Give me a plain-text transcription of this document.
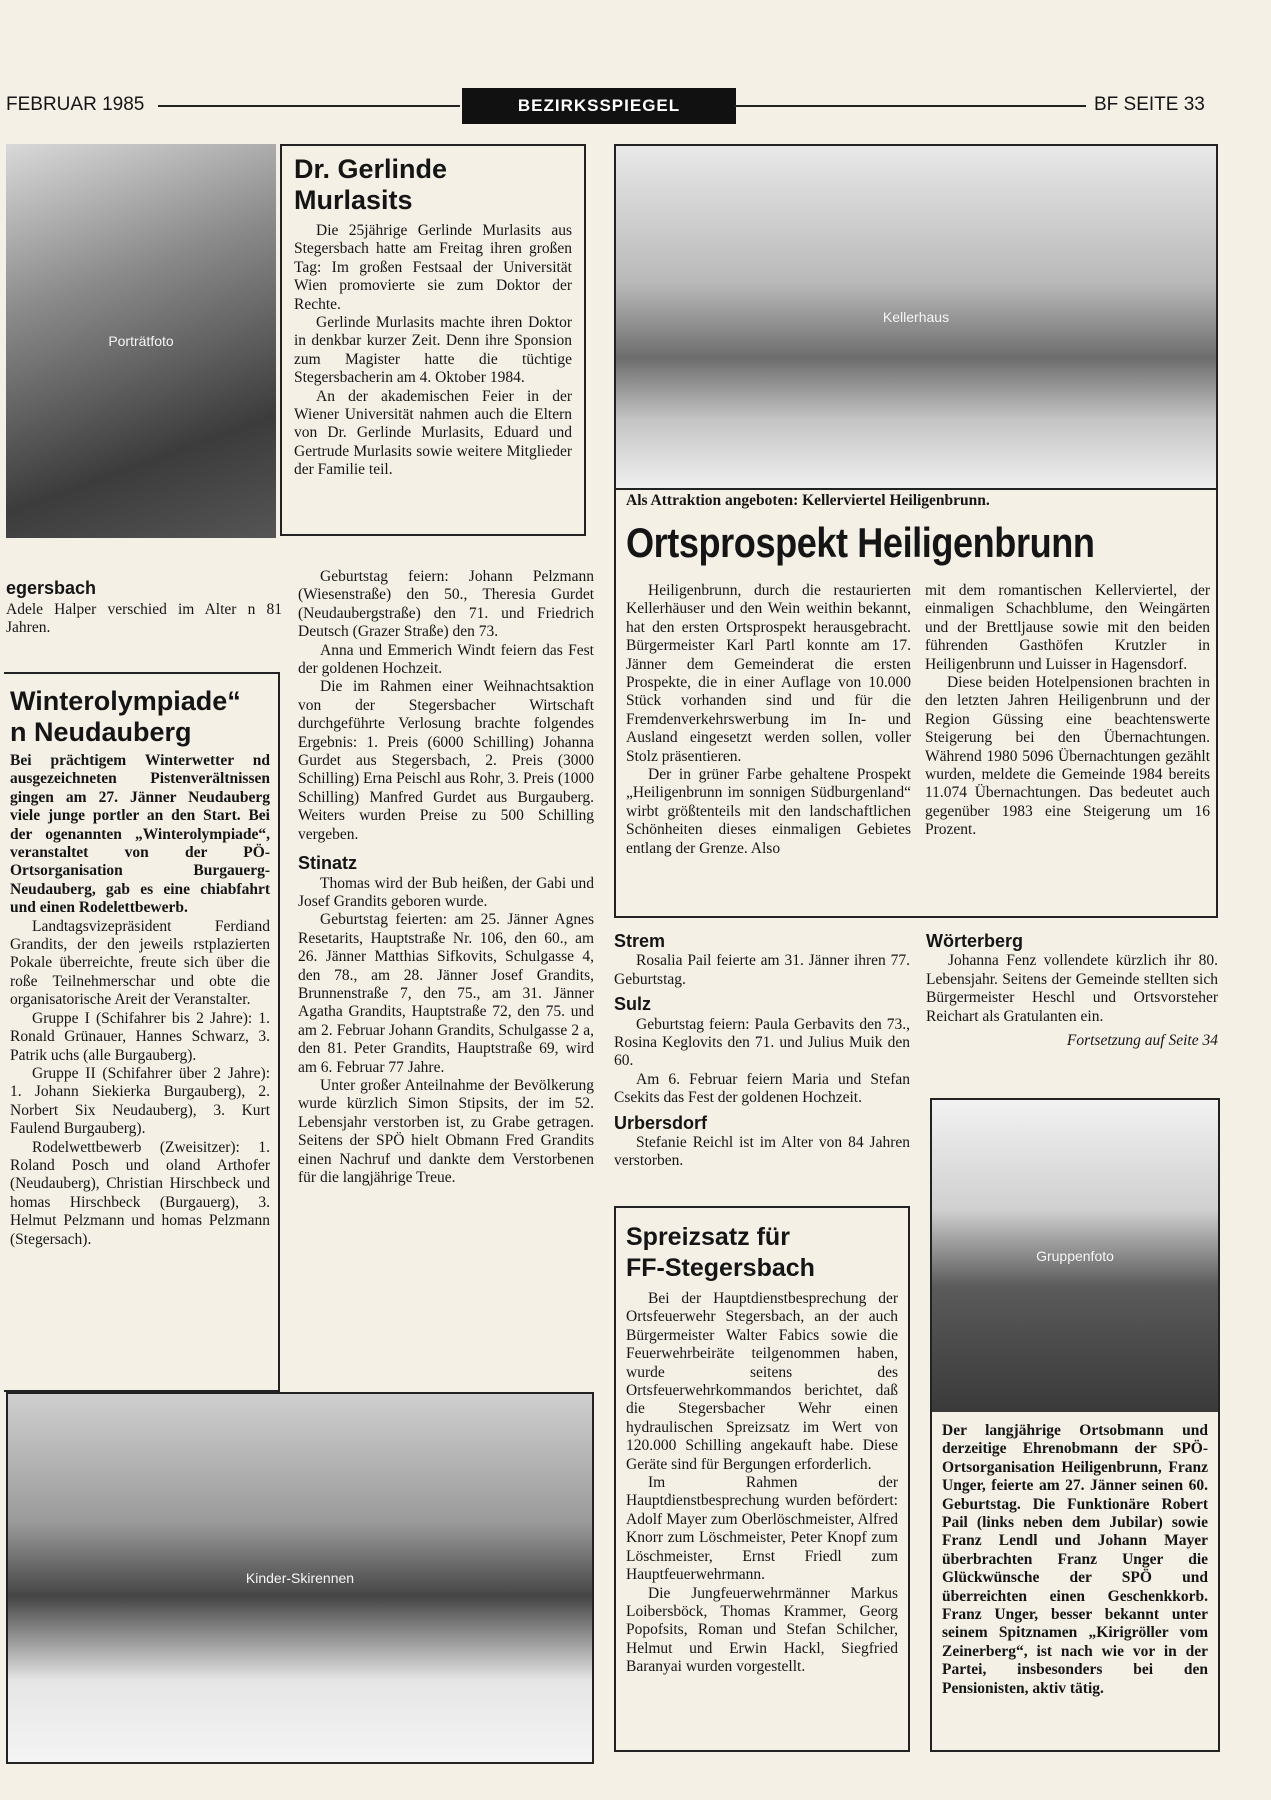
FEBRUAR 1985	BEZIRKSSPIEGEL	BF SEITE 33
Porträtfoto
Dr. Gerlinde
Murlasits

Die 25jährige Gerlinde Murlasits aus Stegersbach hatte am Freitag ihren großen Tag: Im großen Festsaal der Universität Wien promovierte sie zum Doktor der Rechte.

Gerlinde Murlasits machte ihren Doktor in denkbar kurzer Zeit. Denn ihre Sponsion zum Magister hatte die tüchtige Stegersbacherin am 4. Oktober 1984.

An der akademischen Feier in der Wiener Universität nahmen auch die Eltern von Dr. Gerlinde Murlasits, Eduard und Gertrude Murlasits sowie weitere Mitglieder der Familie teil.

egersbach
Adele Halper verschied im Alter n 81 Jahren.
Winterolympiade“
n Neudauberg

Bei prächtigem Winterwetter nd ausgezeichneten Pistenverältnissen gingen am 27. Jänner Neudauberg viele junge portler an den Start. Bei der ogenannten „Winterolympiade“, veranstaltet von der PÖ-Ortsorganisation Burgauerg-Neudauberg, gab es eine chiabfahrt und einen Rodelettbewerb.

Landtagsvizepräsident Ferdiand Grandits, der den jeweils rstplazierten Pokale überreichte, freute sich über die roße Teilnehmerschar und obte die organisatorische Areit der Veranstalter.

Gruppe I (Schifahrer bis 2 Jahre): 1. Ronald Grünauer, Hannes Schwarz, 3. Patrik uchs (alle Burgauberg).

Gruppe II (Schifahrer über 2 Jahre): 1. Johann Siekierka Burgauberg), 2. Norbert Six Neudauberg), 3. Kurt Faulend Burgauberg).

Rodelwettbewerb (Zweisitzer): 1. Roland Posch und oland Arthofer (Neudauberg), Christian Hirschbeck und homas Hirschbeck (Burgauerg), 3. Helmut Pelzmann und homas Pelzmann (Stegersach).

Geburtstag feiern: Johann Pelzmann (Wiesenstraße) den 50., Theresia Gurdet (Neudaubergstraße) den 71. und Friedrich Deutsch (Grazer Straße) den 73.

Anna und Emmerich Windt feiern das Fest der goldenen Hochzeit.

Die im Rahmen einer Weihnachtsaktion von der Stegersbacher Wirtschaft durchgeführte Verlosung brachte folgendes Ergebnis: 1. Preis (6000 Schilling) Johanna Gurdet aus Stegersbach, 2. Preis (3000 Schilling) Erna Peischl aus Rohr, 3. Preis (1000 Schilling) Manfred Gurdet aus Burgauberg. Weiters wurden Preise zu 500 Schilling vergeben.

Stinatz

Thomas wird der Bub heißen, der Gabi und Josef Grandits geboren wurde.

Geburtstag feierten: am 25. Jänner Agnes Resetarits, Hauptstraße Nr. 106, den 60., am 26. Jänner Matthias Sifkovits, Schulgasse 4, den 78., am 28. Jänner Josef Grandits, Brunnenstraße 7, den 75., am 31. Jänner Agatha Grandits, Hauptstraße 72, den 75. und am 2. Februar Johann Grandits, Schulgasse 2 a, den 81. Peter Grandits, Hauptstraße 69, wird am 6. Februar 77 Jahre.

Unter großer Anteilnahme der Bevölkerung wurde kürzlich Simon Stipsits, der im 52. Lebensjahr verstorben ist, zu Grabe getragen. Seitens der SPÖ hielt Obmann Fred Grandits einen Nachruf und dankte dem Verstorbenen für die langjährige Treue.

Kellerhaus
Als Attraktion angeboten: Kellerviertel Heiligenbrunn.
Ortsprospekt Heiligenbrunn

Heiligenbrunn, durch die restaurierten Kellerhäuser und den Wein weithin bekannt, hat den ersten Ortsprospekt herausgebracht. Bürgermeister Karl Partl konnte am 17. Jänner dem Gemeinderat die ersten Prospekte, die in einer Auflage von 10.000 Stück vorhanden sind und für die Fremdenverkehrswerbung im In- und Ausland eingesetzt werden sollen, voller Stolz präsentieren.

Der in grüner Farbe gehaltene Prospekt „Heiligenbrunn im sonnigen Südburgenland“ wirbt größtenteils mit den landschaftlichen Schönheiten dieses einmaligen Gebietes entlang der Grenze. Also

mit dem romantischen Kellerviertel, der einmaligen Schachblume, den Weingärten und der Brettljause sowie mit den beiden führenden Gasthöfen Krutzler in Heiligenbrunn und Luisser in Hagensdorf.

Diese beiden Hotelpensionen brachten in den letzten Jahren Heiligenbrunn und der Region Güssing eine beachtenswerte Steigerung bei den Übernachtungen. Während 1980 5096 Übernachtungen gezählt wurden, meldete die Gemeinde 1984 bereits 11.074 Übernachtungen. Das bedeutet auch gegenüber 1983 eine Steigerung um 16 Prozent.

Strem

Rosalia Pail feierte am 31. Jänner ihren 77. Geburtstag.

Sulz

Geburtstag feiern: Paula Gerbavits den 73., Rosina Keglovits den 71. und Julius Muik den 60.

Am 6. Februar feiern Maria und Stefan Csekits das Fest der goldenen Hochzeit.

Urbersdorf

Stefanie Reichl ist im Alter von 84 Jahren verstorben.

Wörterberg

Johanna Fenz vollendete kürzlich ihr 80. Lebensjahr. Seitens der Gemeinde stellten sich Bürgermeister Heschl und Ortsvorsteher Reichart als Gratulanten ein.

Fortsetzung auf Seite 34
Spreizsatz für
FF-Stegersbach

Bei der Hauptdienstbesprechung der Ortsfeuerwehr Stegersbach, an der auch Bürgermeister Walter Fabics sowie die Feuerwehrbeiräte teilgenommen haben, wurde seitens des Ortsfeuerwehrkommandos berichtet, daß die Stegersbacher Wehr einen hydraulischen Spreizsatz im Wert von 120.000 Schilling angekauft habe. Diese Geräte sind für Bergungen erforderlich.

Im Rahmen der Hauptdienstbesprechung wurden befördert: Adolf Mayer zum Oberlöschmeister, Alfred Knorr zum Löschmeister, Peter Knopf zum Löschmeister, Ernst Friedl zum Hauptfeuerwehrmann.

Die Jungfeuerwehrmänner Markus Loibersböck, Thomas Krammer, Georg Popofsits, Roman und Stefan Schilcher, Helmut und Erwin Hackl, Siegfried Baranyai wurden vorgestellt.

Gruppenfoto
Der langjährige Ortsobmann und derzeitige Ehrenobmann der SPÖ-Ortsorganisation Heiligenbrunn, Franz Unger, feierte am 27. Jänner seinen 60. Geburtstag. Die Funktionäre Robert Pail (links neben dem Jubilar) sowie Franz Lendl und Johann Mayer überbrachten Franz Unger die Glückwünsche der SPÖ und überreichten einen Geschenkkorb. Franz Unger, besser bekannt unter seinem Spitznamen „Kirigröller vom Zeinerberg“, ist nach wie vor in der Partei, insbesonders bei den Pensionisten, aktiv tätig.
Kinder-Skirennen
